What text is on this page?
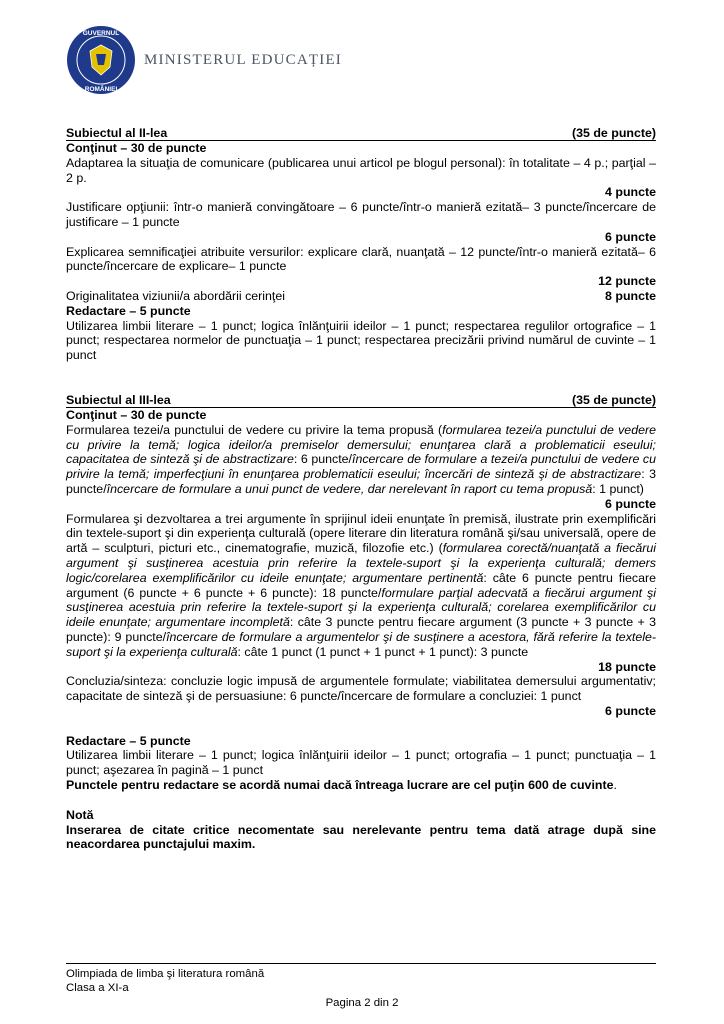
GUVERNUL
ROMÂNIEI
MINISTERUL EDUCAȚIEI
Subiectul al II-lea	(35 de puncte)
Conţinut – 30 de puncte
Adaptarea la situaţia de comunicare (publicarea unui articol pe blogul personal): în totalitate – 4 p.; parţial – 2 p.
4 puncte
Justificare opţiunii: într-o manieră convingătoare – 6 puncte/într-o manieră ezitată– 3 puncte/încercare de justificare – 1 puncte
6 puncte
Explicarea semnificaţiei atribuite versurilor: explicare clară, nuanţată – 12 puncte/într-o manieră ezitată– 6 puncte/încercare de explicare– 1 puncte
12 puncte
Originalitatea viziunii/a abordării cerinţei	8 puncte
Redactare – 5 puncte
Utilizarea limbii literare – 1 punct; logica înlănţuirii ideilor – 1 punct; respectarea regulilor ortografice – 1 punct; respectarea normelor de punctuaţia – 1 punct; respectarea precizării privind numărul de cuvinte – 1 punct
Subiectul al III-lea	(35 de puncte)
Conţinut – 30 de puncte
Formularea tezei/a punctului de vedere cu privire la tema propusă (formularea tezei/a punctului de vedere cu privire la temă; logica ideilor/a premiselor demersului; enunţarea clară a problematicii eseului; capacitatea de sinteză şi de abstractizare: 6 puncte/încercare de formulare a tezei/a punctului de vedere cu privire la temă; imperfecţiuni în enunţarea problematicii eseului; încercări de sinteză şi de abstractizare: 3 puncte/încercare de formulare a unui punct de vedere, dar nerelevant în raport cu tema propusă: 1 punct)
6 puncte
Formularea şi dezvoltarea a trei argumente în sprijinul ideii enunţate în premisă, ilustrate prin exemplificări din textele-suport şi din experienţa culturală (opere literare din literatura română şi/sau universală, opere de artă – sculpturi, picturi etc., cinematografie, muzică, filozofie etc.) (formularea corectă/nuanţată a fiecărui argument şi susţinerea acestuia prin referire la textele-suport şi la experienţa culturală; demers logic/corelarea exemplificărilor cu ideile enunţate; argumentare pertinentă: câte 6 puncte pentru fiecare argument (6 puncte + 6 puncte + 6 puncte): 18 puncte/formulare parţial adecvată a fiecărui argument şi susţinerea acestuia prin referire la textele-suport şi la experienţa culturală; corelarea exemplificărilor cu ideile enunţate; argumentare incompletă: câte 3 puncte pentru fiecare argument (3 puncte + 3 puncte + 3 puncte): 9 puncte/încercare de formulare a argumentelor şi de susţinere a acestora, fără referire la textele-suport şi la experienţa culturală: câte 1 punct (1 punct + 1 punct + 1 punct): 3 puncte
18 puncte
Concluzia/sinteza: concluzie logic impusă de argumentele formulate; viabilitatea demersului argumentativ; capacitate de sinteză şi de persuasiune: 6 puncte/încercare de formulare a concluziei: 1 punct
6 puncte
Redactare – 5 puncte
Utilizarea limbii literare – 1 punct; logica înlănţuirii ideilor – 1 punct; ortografia – 1 punct; punctuaţia – 1 punct; aşezarea în pagină – 1 punct
Punctele pentru redactare se acordă numai dacă întreaga lucrare are cel puţin 600 de cuvinte.
Notă
Inserarea de citate critice necomentate sau nerelevante pentru tema dată atrage după sine neacordarea punctajului maxim.
Olimpiada de limba şi literatura română
Clasa a XI-a
Pagina 2 din 2
